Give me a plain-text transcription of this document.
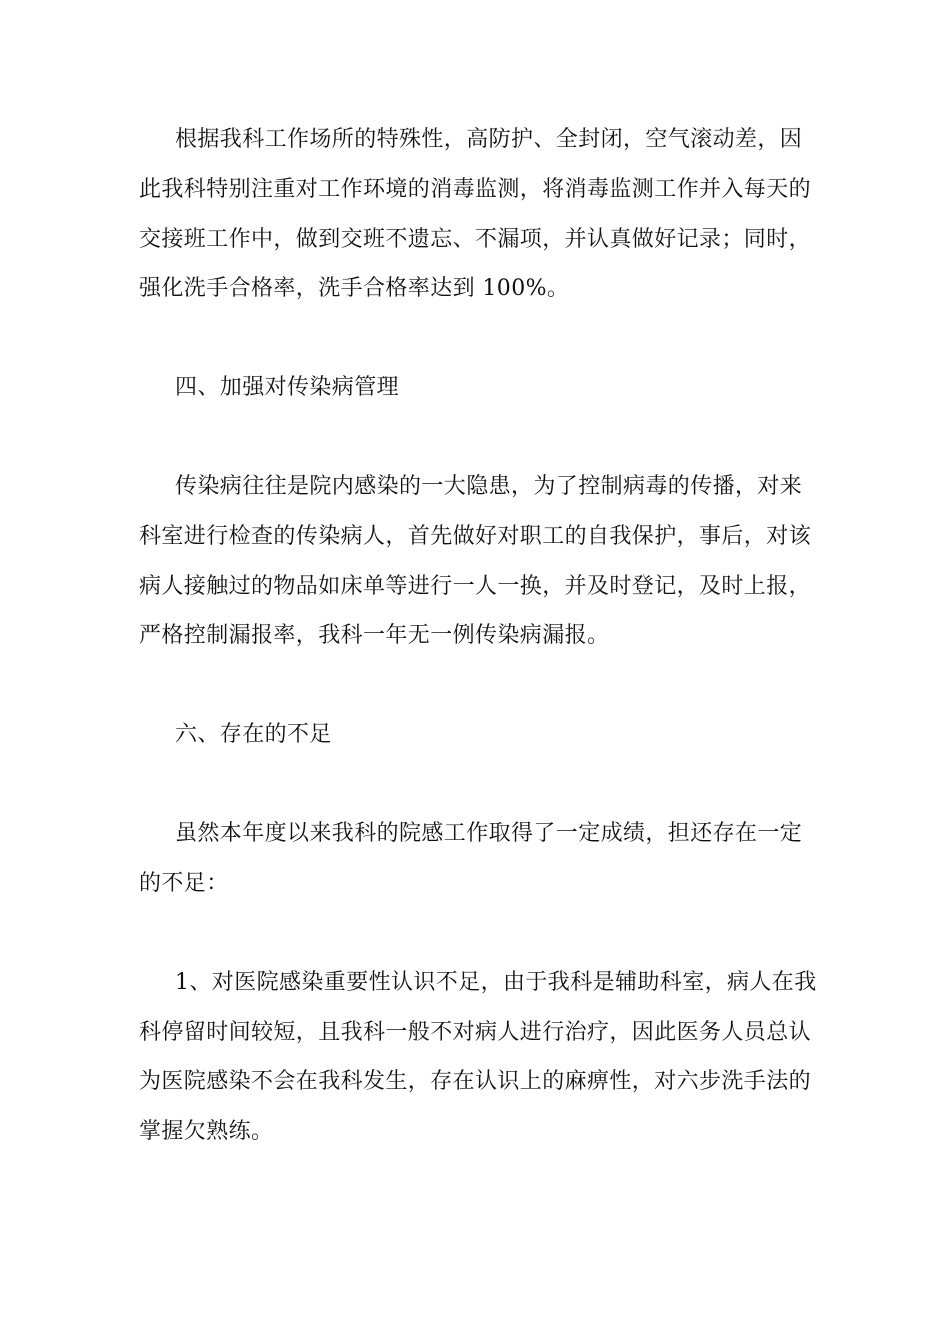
根据我科工作场所的特殊性，高防护、全封闭，空气滚动差，因
此我科特别注重对工作环境的消毒监测，将消毒监测工作并入每天的
交接班工作中，做到交班不遗忘、不漏项，并认真做好记录；同时，
强化洗手合格率，洗手合格率达到 100%。
四、加强对传染病管理
传染病往往是院内感染的一大隐患，为了控制病毒的传播，对来
科室进行检查的传染病人，首先做好对职工的自我保护，事后，对该
病人接触过的物品如床单等进行一人一换，并及时登记，及时上报，
严格控制漏报率，我科一年无一例传染病漏报。
六、存在的不足
虽然本年度以来我科的院感工作取得了一定成绩，担还存在一定
的不足：
1、对医院感染重要性认识不足，由于我科是辅助科室，病人在我
科停留时间较短，且我科一般不对病人进行治疗，因此医务人员总认
为医院感染不会在我科发生，存在认识上的麻痹性，对六步洗手法的
掌握欠熟练。
